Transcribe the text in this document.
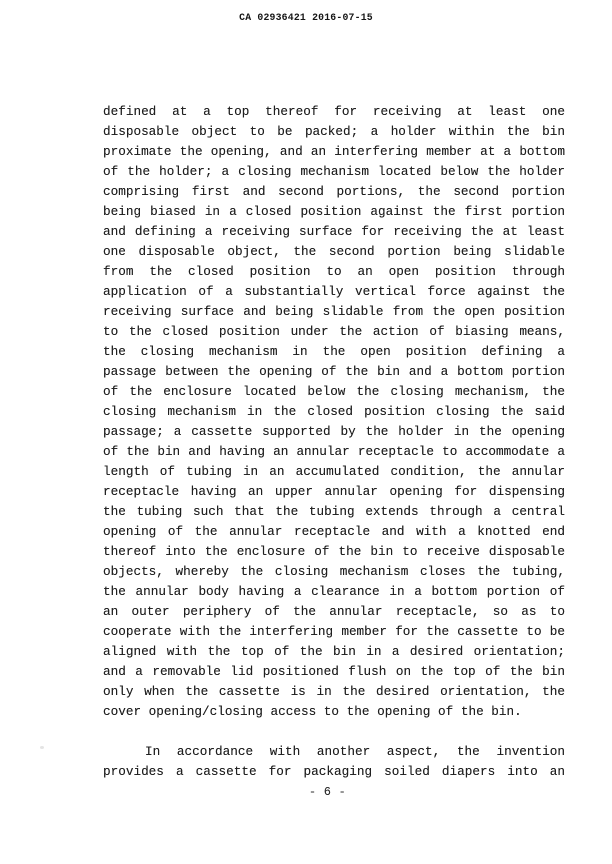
CA 02936421 2016-07-15
defined at a top thereof for receiving at least one
disposable object to be packed; a holder within the bin
proximate the opening, and an interfering member at a bottom
of the holder; a closing mechanism located below the holder
comprising first and second portions, the second portion
being biased in a closed position against the first portion
and defining a receiving surface for receiving the at least
one disposable object, the second portion being slidable
from the closed position to an open position through
application of a substantially vertical force against the
receiving surface and being slidable from the open position
to the closed position under the action of biasing means,
the closing mechanism in the open position defining a
passage between the opening of the bin and a bottom portion
of the enclosure located below the closing mechanism, the
closing mechanism in the closed position closing the said
passage; a cassette supported by the holder in the opening
of the bin and having an annular receptacle to accommodate a
length of tubing in an accumulated condition, the annular
receptacle having an upper annular opening for dispensing
the tubing such that the tubing extends through a central
opening of the annular receptacle and with a knotted end
thereof into the enclosure of the bin to receive disposable
objects, whereby the closing mechanism closes the tubing,
the annular body having a clearance in a bottom portion of
an outer periphery of the annular receptacle, so as to
cooperate with the interfering member for the cassette to be
aligned with the top of the bin in a desired orientation;
and a removable lid positioned flush on the top of the bin
only when the cassette is in the desired orientation, the
cover opening/closing access to the opening of the bin.
In accordance with another aspect, the invention
provides a cassette for packaging soiled diapers into an
- 6 -
